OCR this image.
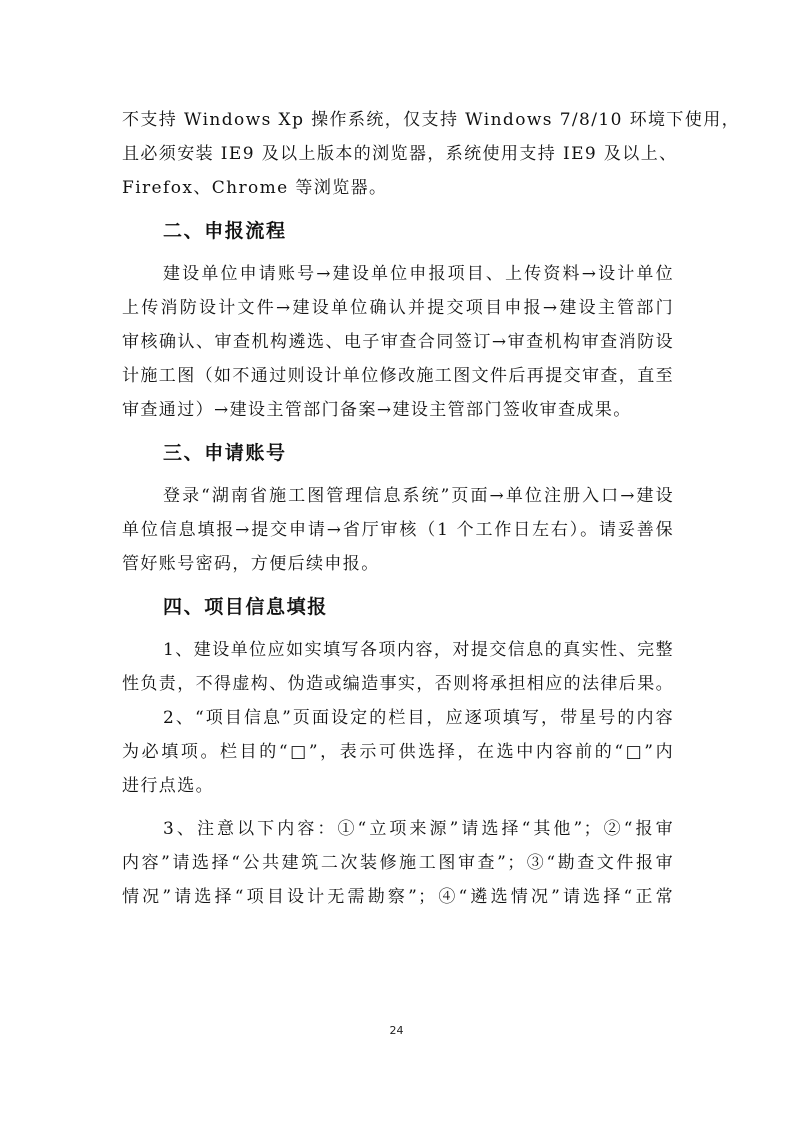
不支持 Windows Xp 操作系统，仅支持 Windows 7/8/10 环境下使用，
且必须安装 IE9 及以上版本的浏览器，系统使用支持 IE9 及以上、
Firefox、Chrome 等浏览器。
二、申报流程
建设单位申请账号→建设单位申报项目、上传资料→设计单位
上传消防设计文件→建设单位确认并提交项目申报→建设主管部门
审核确认、审查机构遴选、电子审查合同签订→审查机构审查消防设
计施工图（如不通过则设计单位修改施工图文件后再提交审查，直至
审查通过）→建设主管部门备案→建设主管部门签收审查成果。
三、申请账号
登录“湖南省施工图管理信息系统”页面→单位注册入口→建设
单位信息填报→提交申请→省厅审核（1 个工作日左右）。请妥善保
管好账号密码，方便后续申报。
四、项目信息填报
1、建设单位应如实填写各项内容，对提交信息的真实性、完整
性负责，不得虚构、伪造或编造事实，否则将承担相应的法律后果。
2、“项目信息”页面设定的栏目，应逐项填写，带星号的内容
为必填项。栏目的“□”，表示可供选择，在选中内容前的“□”内
进行点选。
3、注意以下内容：①“立项来源”请选择“其他”；②“报审
内容”请选择“公共建筑二次装修施工图审查”；③“勘查文件报审
情况”请选择“项目设计无需勘察”；④“遴选情况”请选择“正常
24
